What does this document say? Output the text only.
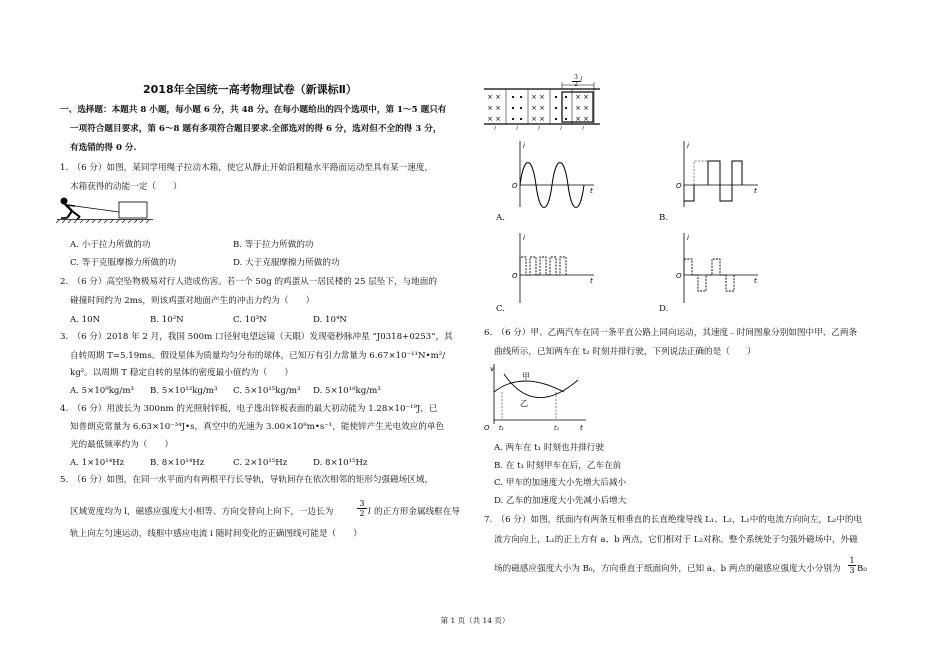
2018年全国统一高考物理试卷（新课标Ⅱ）
一、选择题：本题共 8 小题，每小题 6 分，共 48 分。在每小题给出的四个选项中，第 1～5 题只有
一项符合题目要求，第 6～8 题有多项符合题目要求.全部选对的得 6 分，选对但不全的得 3 分，
有选错的得 0 分.
1.　（6 分）如图，某同学用绳子拉动木箱，使它从静止开始沿粗糙水平路面运动至具有某一速度，
木箱获得的动能一定（　　）
A. 小于拉力所做的功	B. 等于拉力所做的功
C. 等于克服摩擦力所做的功	D. 大于克服摩擦力所做的功
2.　（6 分）高空坠物极易对行人造成伤害。若一个 50g 的鸡蛋从一居民楼的 25 层坠下，与地面的
碰撞时间约为 2ms，则该鸡蛋对地面产生的冲击力约为（　　）
A. 10N	B. 10²N	C. 10³N	D. 10⁴N
3.　（6 分）2018 年 2 月，我国 500m 口径射电望远镜（天眼）发现毫秒脉冲星 “J0318+0253”，其
自转周期 T=5.19ms。假设星体为质量均匀分布的球体，已知万有引力常量为 6.67×10⁻¹¹N•m²/
kg²。以周期 T 稳定自转的星体的密度最小值约为（　　）
A. 5×10⁹kg/m³ B. 5×10¹²kg/m³ C. 5×10¹⁵kg/m³ D. 5×10¹⁸kg/m³
4.　（6 分）用波长为 300nm 的光照射锌板，电子逸出锌板表面的最大初动能为 1.28×10⁻¹⁹J，已
知普朗克常量为 6.63×10⁻³⁴J•s，真空中的光速为 3.00×10⁸m•s⁻¹，能使锌产生光电效应的单色
光的最低频率约为（　　）
A. 1×10¹⁴Hz	B. 8×10¹⁴Hz	C. 2×10¹⁵Hz	D. 8×10¹⁵Hz
5.　（6 分）如图，在同一水平面内有两根平行长导轨，导轨间存在依次相邻的矩形匀强磁场区域，
区域宽度均为 l，磁感应强度大小相等、方向交替向上向下，一边长为	$\frac{3}{2}$ l 的正方形金属线框在导
轨上向左匀速运动，线框中感应电流 i 随时间变化的正确图线可能是（　　）
$\frac{3}{2}$ l
× ×
× ×
× ×
× ×
× ×
× ×
× ×
× ×
× ×
l	l	l	l	l
i
t
O
A.
i
t
O
B.
i
t
O
C.
i
t
O
D.
6.　（6 分）甲、乙两汽车在同一条平直公路上同向运动，其速度﹣时间图象分别如图中甲、乙两条
曲线所示，已知两车在 t₂ 时刻并排行驶，下列说法正确的是（　　）
v
O t₁	t₂	t
甲
乙
A. 两车在 t₁ 时刻也并排行驶
B. 在 t₁ 时刻甲车在后，乙车在前
C. 甲车的加速度大小先增大后减小
D. 乙车的加速度大小先减小后增大
7.　（6 分）如图，纸面内有两条互相垂直的长直绝缘导线 L₁、L₂，L₁中的电流方向向左，L₂中的电
流方向向上，L₁的正上方有 a、b 两点，它们相对于 L₂对称。整个系统处于匀强外磁场中，外磁
场的磁感应强度大小为 B₀，方向垂直于纸面向外，已知 a、b 两点的磁感应强度大小分别为 $\frac{1}{3} B_0$
第 1 页（共 14 页）
